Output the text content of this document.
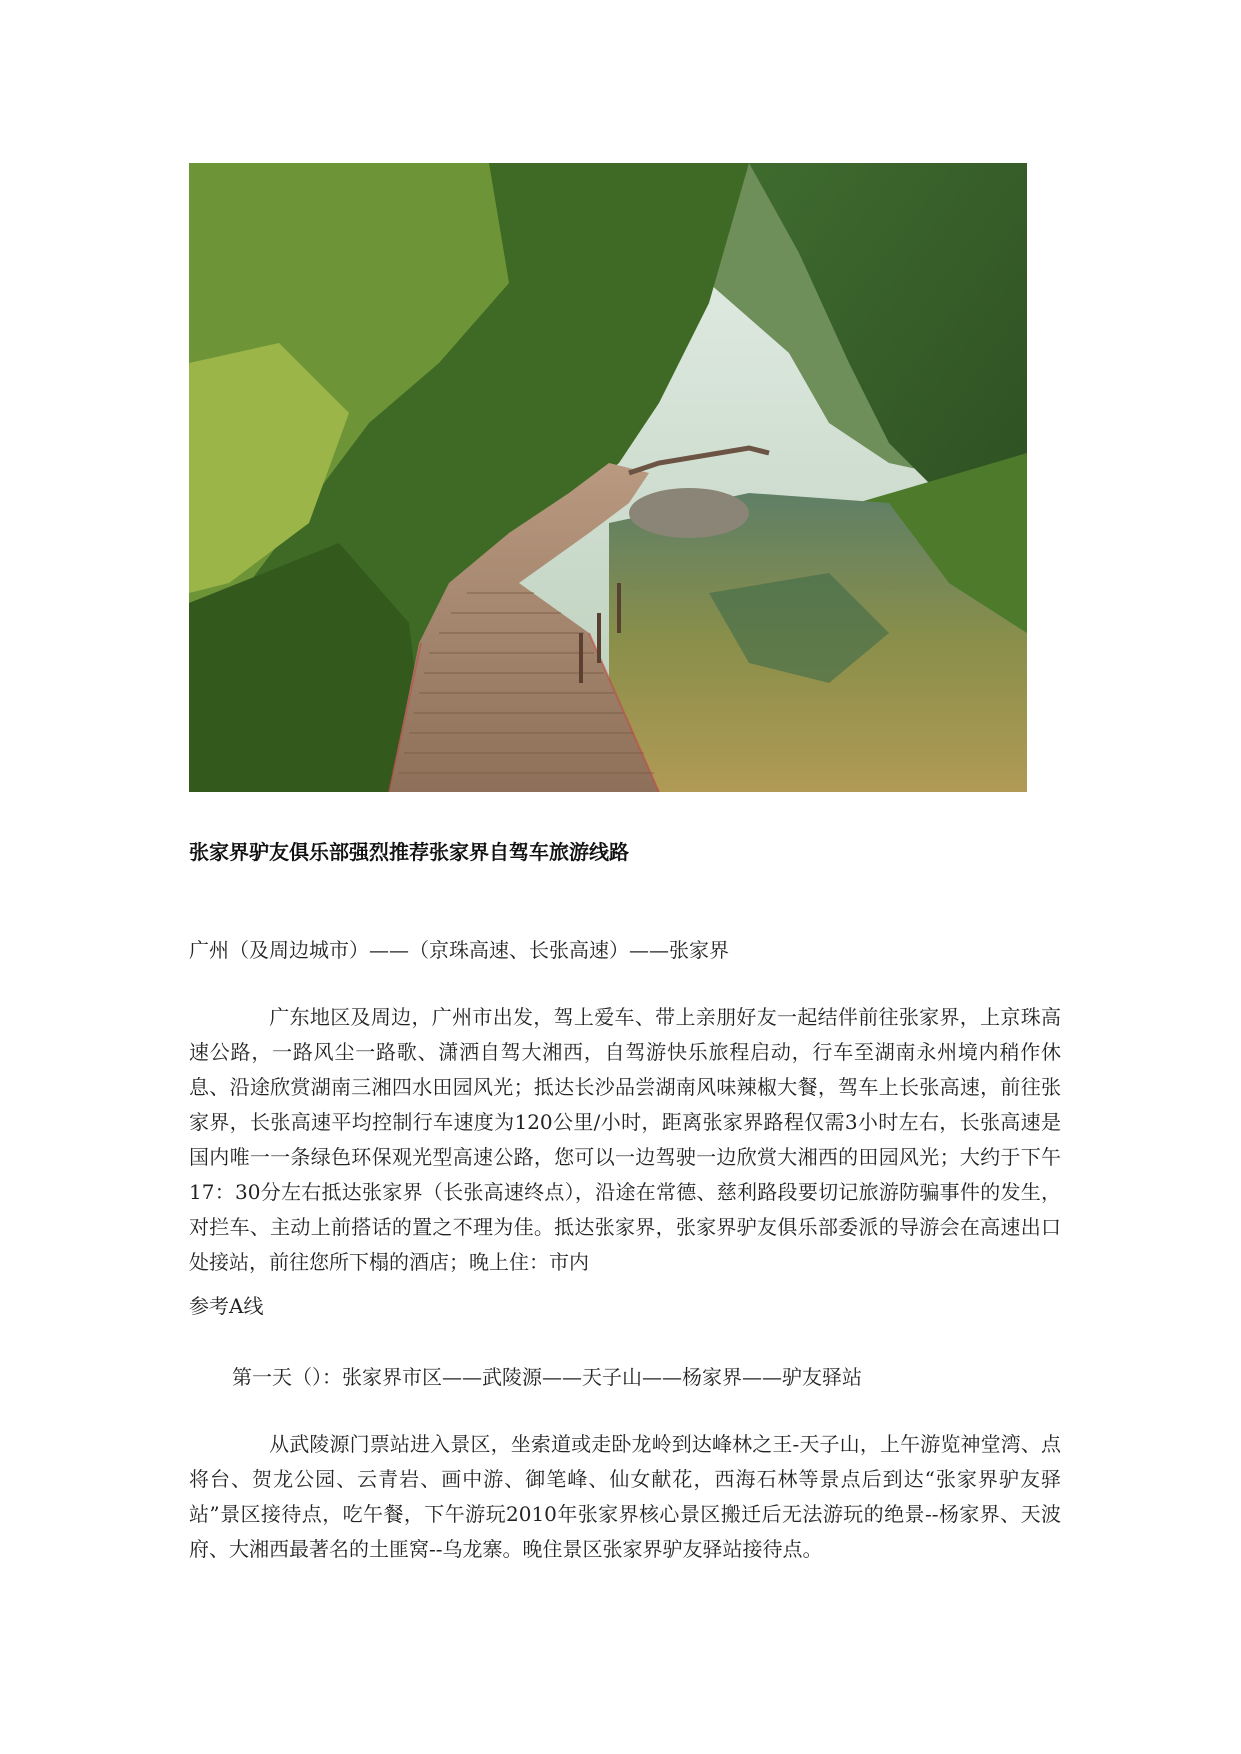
张家界驴友俱乐部强烈推荐张家界自驾车旅游线路
广州（及周边城市）——（京珠高速、长张高速）——张家界
广东地区及周边，广州市出发，驾上爱车、带上亲朋好友一起结伴前往张家界，上京珠高速公路，一路风尘一路歌、潇洒自驾大湘西，自驾游快乐旅程启动，行车至湖南永州境内稍作休息、沿途欣赏湖南三湘四水田园风光；抵达长沙品尝湖南风味辣椒大餐，驾车上长张高速，前往张家界，长张高速平均控制行车速度为120公里/小时，距离张家界路程仅需3小时左右，长张高速是国内唯一一条绿色环保观光型高速公路，您可以一边驾驶一边欣赏大湘西的田园风光；大约于下午17：30分左右抵达张家界（长张高速终点），沿途在常德、慈利路段要切记旅游防骗事件的发生，对拦车、主动上前搭话的置之不理为佳。抵达张家界，张家界驴友俱乐部委派的导游会在高速出口处接站，前往您所下榻的酒店；晚上住：市内
参考A线
第一天（）：张家界市区——武陵源——天子山——杨家界——驴友驿站
从武陵源门票站进入景区，坐索道或走卧龙岭到达峰林之王-天子山，上午游览神堂湾、点将台、贺龙公园、云青岩、画中游、御笔峰、仙女献花，西海石林等景点后到达“张家界驴友驿站”景区接待点，吃午餐，下午游玩2010年张家界核心景区搬迁后无法游玩的绝景--杨家界、天波府、大湘西最著名的土匪窝--乌龙寨。晚住景区张家界驴友驿站接待点。
